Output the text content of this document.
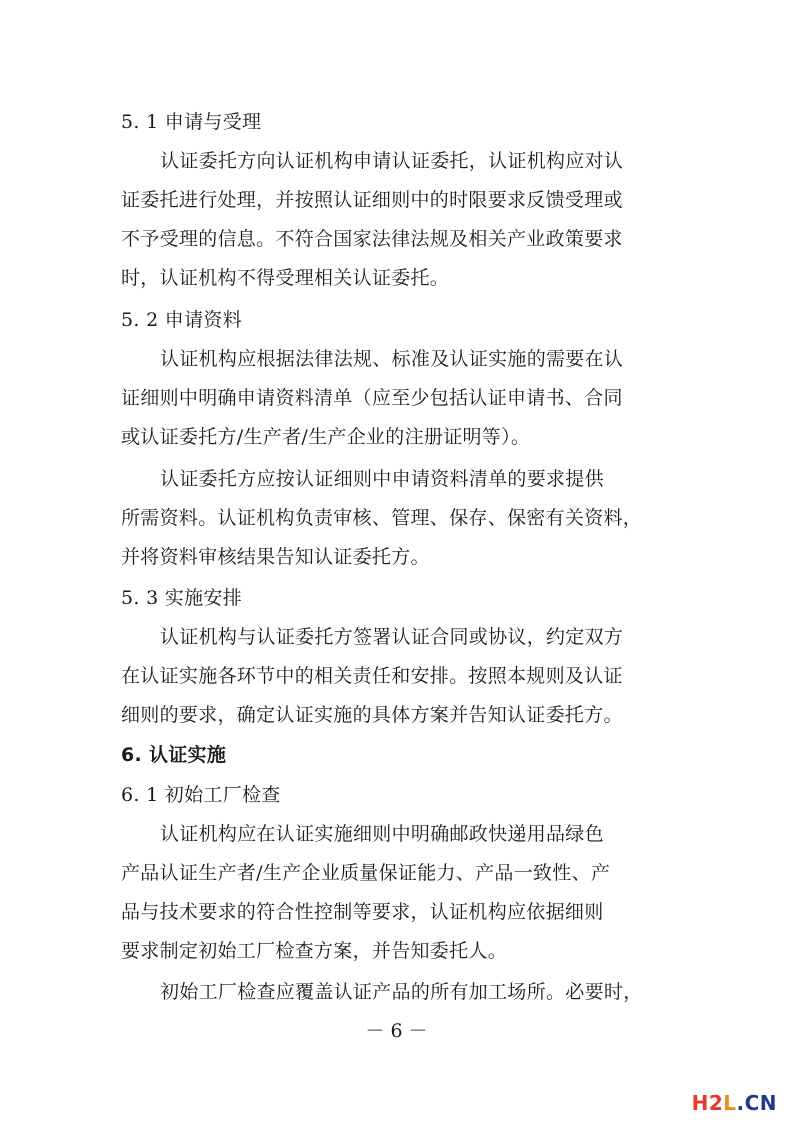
5. 1 申请与受理
认证委托方向认证机构申请认证委托，认证机构应对认
证委托进行处理，并按照认证细则中的时限要求反馈受理或
不予受理的信息。不符合国家法律法规及相关产业政策要求
时，认证机构不得受理相关认证委托。
5. 2 申请资料
认证机构应根据法律法规、标准及认证实施的需要在认
证细则中明确申请资料清单（应至少包括认证申请书、合同
或认证委托方/生产者/生产企业的注册证明等）。
认证委托方应按认证细则中申请资料清单的要求提供
所需资料。认证机构负责审核、管理、保存、保密有关资料，
并将资料审核结果告知认证委托方。
5. 3 实施安排
认证机构与认证委托方签署认证合同或协议，约定双方
在认证实施各环节中的相关责任和安排。按照本规则及认证
细则的要求，确定认证实施的具体方案并告知认证委托方。
6. 认证实施
6. 1 初始工厂检查
认证机构应在认证实施细则中明确邮政快递用品绿色
产品认证生产者/生产企业质量保证能力、产品一致性、产
品与技术要求的符合性控制等要求，认证机构应依据细则
要求制定初始工厂检查方案，并告知委托人。
初始工厂检查应覆盖认证产品的所有加工场所。必要时，
－ 6 －
H2L.CN
